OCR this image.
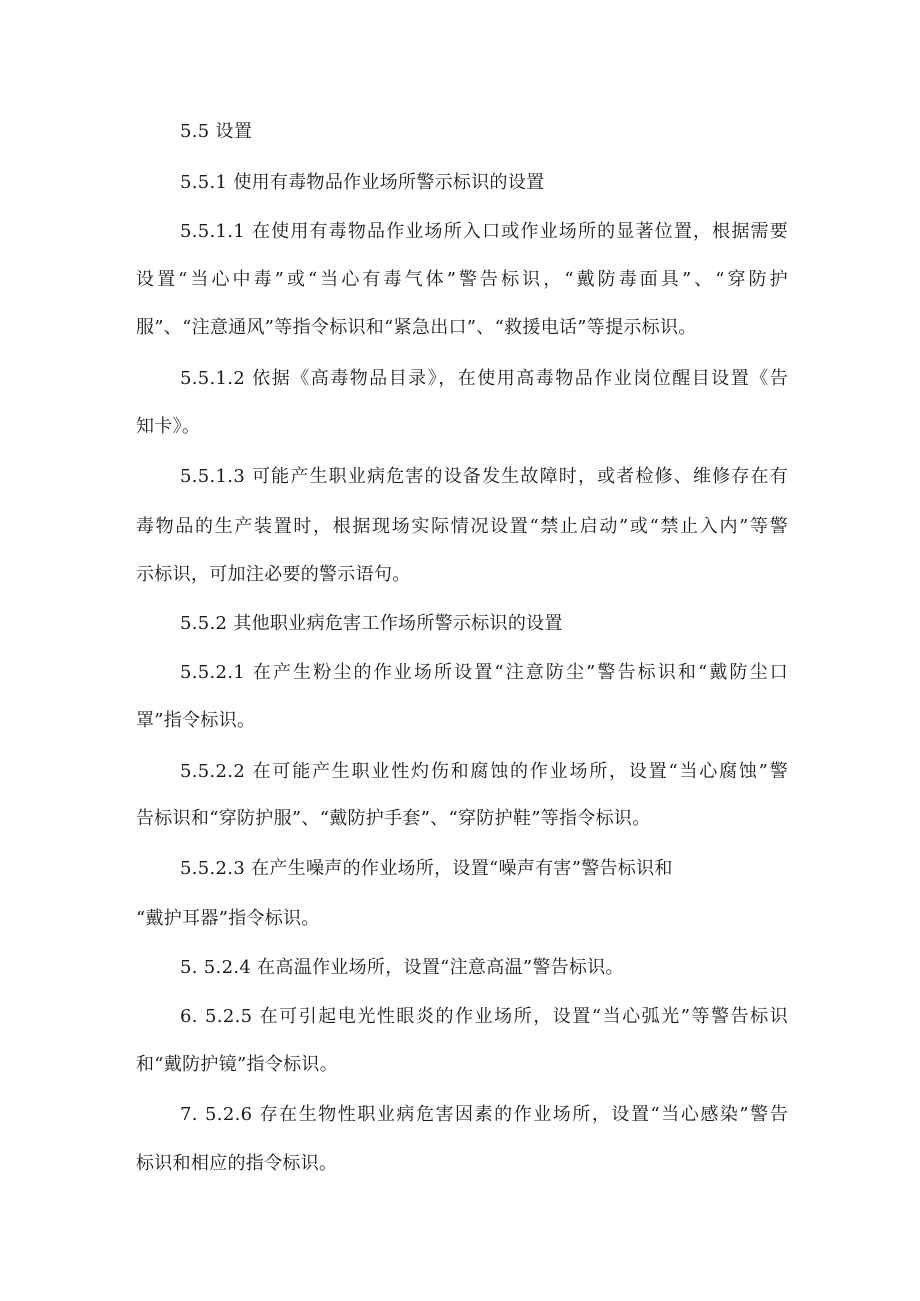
5.5 设置
5.5.1 使用有毒物品作业场所警示标识的设置
5.5.1.1 在使用有毒物品作业场所入口或作业场所的显著位置，根据需要
设置“当心中毒”或“当心有毒气体”警告标识，“戴防毒面具”、“穿防护
服”、“注意通风”等指令标识和“紧急出口”、“救援电话”等提示标识。
5.5.1.2 依据《高毒物品目录》，在使用高毒物品作业岗位醒目设置《告
知卡》。
5.5.1.3 可能产生职业病危害的设备发生故障时，或者检修、维修存在有
毒物品的生产装置时，根据现场实际情况设置“禁止启动”或“禁止入内”等警
示标识，可加注必要的警示语句。
5.5.2 其他职业病危害工作场所警示标识的设置
5.5.2.1 在产生粉尘的作业场所设置“注意防尘”警告标识和“戴防尘口
罩”指令标识。
5.5.2.2 在可能产生职业性灼伤和腐蚀的作业场所，设置“当心腐蚀”警
告标识和“穿防护服”、“戴防护手套”、“穿防护鞋”等指令标识。
5.5.2.3 在产生噪声的作业场所，设置“噪声有害”警告标识和
“戴护耳器”指令标识。
5. 5.2.4 在高温作业场所，设置“注意高温”警告标识。
6. 5.2.5 在可引起电光性眼炎的作业场所，设置“当心弧光”等警告标识
和“戴防护镜”指令标识。
7. 5.2.6 存在生物性职业病危害因素的作业场所，设置“当心感染”警告
标识和相应的指令标识。
